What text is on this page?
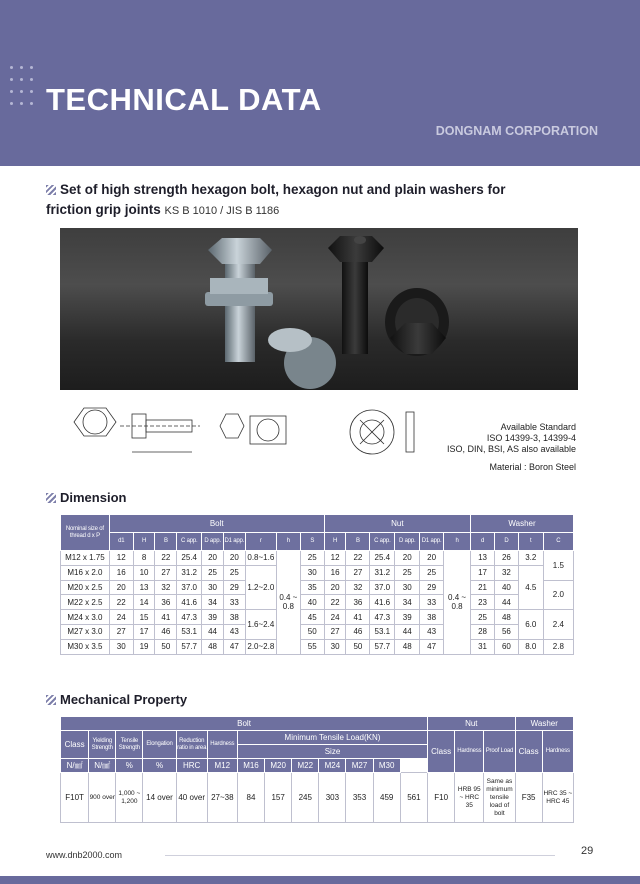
TECHNICAL DATA
DONGNAM CORPORATION
Set of high strength hexagon bolt, hexagon nut and plain washers for friction grip joints KS B 1010 / JIS B 1186
Available Standard
ISO 14399-3, 14399-4
ISO, DIN, BSI, AS also available
Material : Boron Steel
Dimension
Nominal size of thread d x P	Bolt									Nut						Washer			
	d1	H	B	C app.	D app.	D1 app.	r	h	S	H	B	C app.	D app.	D1 app.	h	d	D	t	C
M12 x 1.75	12	8	22	25.4	20	20	0.8~1.6	0.4 ~ 0.8	25	12	22	25.4	20	20	0.4 ~ 0.8	13	26	3.2	1.5
M16 x 2.0	16	10	27	31.2	25	25	1.2~2.0		30	16	27	31.2	25	25		17	32	4.5	
M20 x 2.5	20	13	32	37.0	30	29			35	20	32	37.0	30	29		21	40		2.0
M22 x 2.5	22	14	36	41.6	34	33			40	22	36	41.6	34	33		23	44		
M24 x 3.0	24	15	41	47.3	39	38	1.6~2.4		45	24	41	47.3	39	38		25	48	6.0	2.4
M27 x 3.0	27	17	46	53.1	44	43			50	27	46	53.1	44	43		28	56		
M30 x 3.5	30	19	50	57.7	48	47	2.0~2.8		55	30	50	57.7	48	47		31	60	8.0	2.8
Mechanical Property
Bolt													Nut			Washer	
Class	Yielding Strength	Tensile Strength	Elongation	Reduction ratio in area	Hardness	Minimum Tensile Load(KN)							Class	Hardness	Proof Load	Class	Hardness
						Size											
N/㎟	N/㎟	%	%	HRC	M12	M16	M20	M22	M24	M27	M30						
F10T	900 over	1,000 ~ 1,200	14 over	40 over	27~38	84	157	245	303	353	459	561	F10	HRB 95 ~ HRC 35	Same as minimum tensile load of bolt	F35	HRC 35 ~ HRC 45
www.dnb2000.com	29
